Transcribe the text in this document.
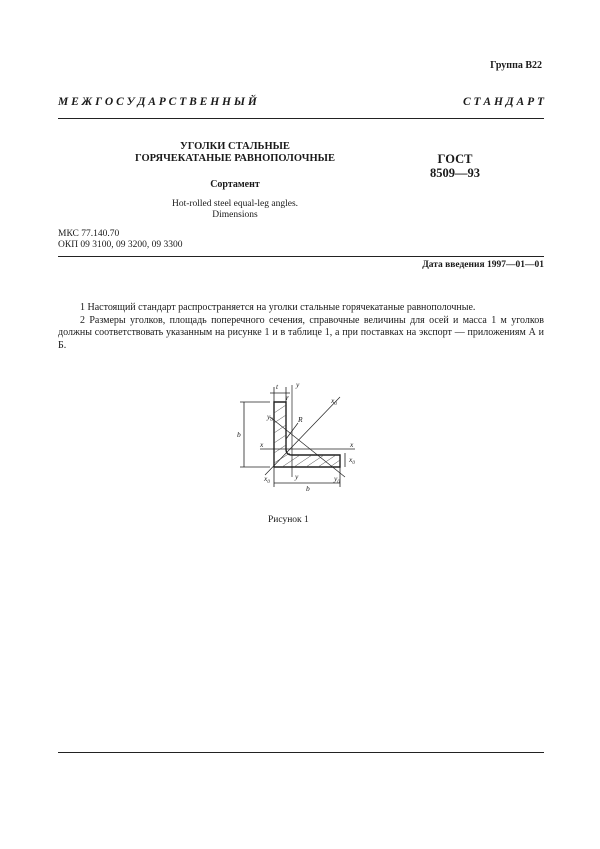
Группа В22
М Е Ж Г О С У Д А Р С Т В Е Н Н Ы Й	С Т А Н Д А Р Т
УГОЛКИ СТАЛЬНЫЕ
ГОРЯЧЕКАТАНЫЕ РАВНОПОЛОЧНЫЕ
Сортамент
Hot-rolled steel equal-leg angles.
Dimensions
ГОСТ
8509—93
МКС 77.140.70
ОКП 09 3100, 09 3200, 09 3300
Дата введения 1997—01—01

1 Настоящий стандарт распространяется на уголки стальные горячекатаные равнополочные.

2 Размеры уголков, площадь поперечного сечения, справочные величины для осей и масса 1 м уголков должны соответствовать указанным на рисунке 1 и в таблице 1, а при поставках на экспорт — приложениям А и Б.

t y
$x_0$
$y_0$
r
R
b
x	x
$x_0$
$y_0$
$x_0$
y
b
Рисунок 1
